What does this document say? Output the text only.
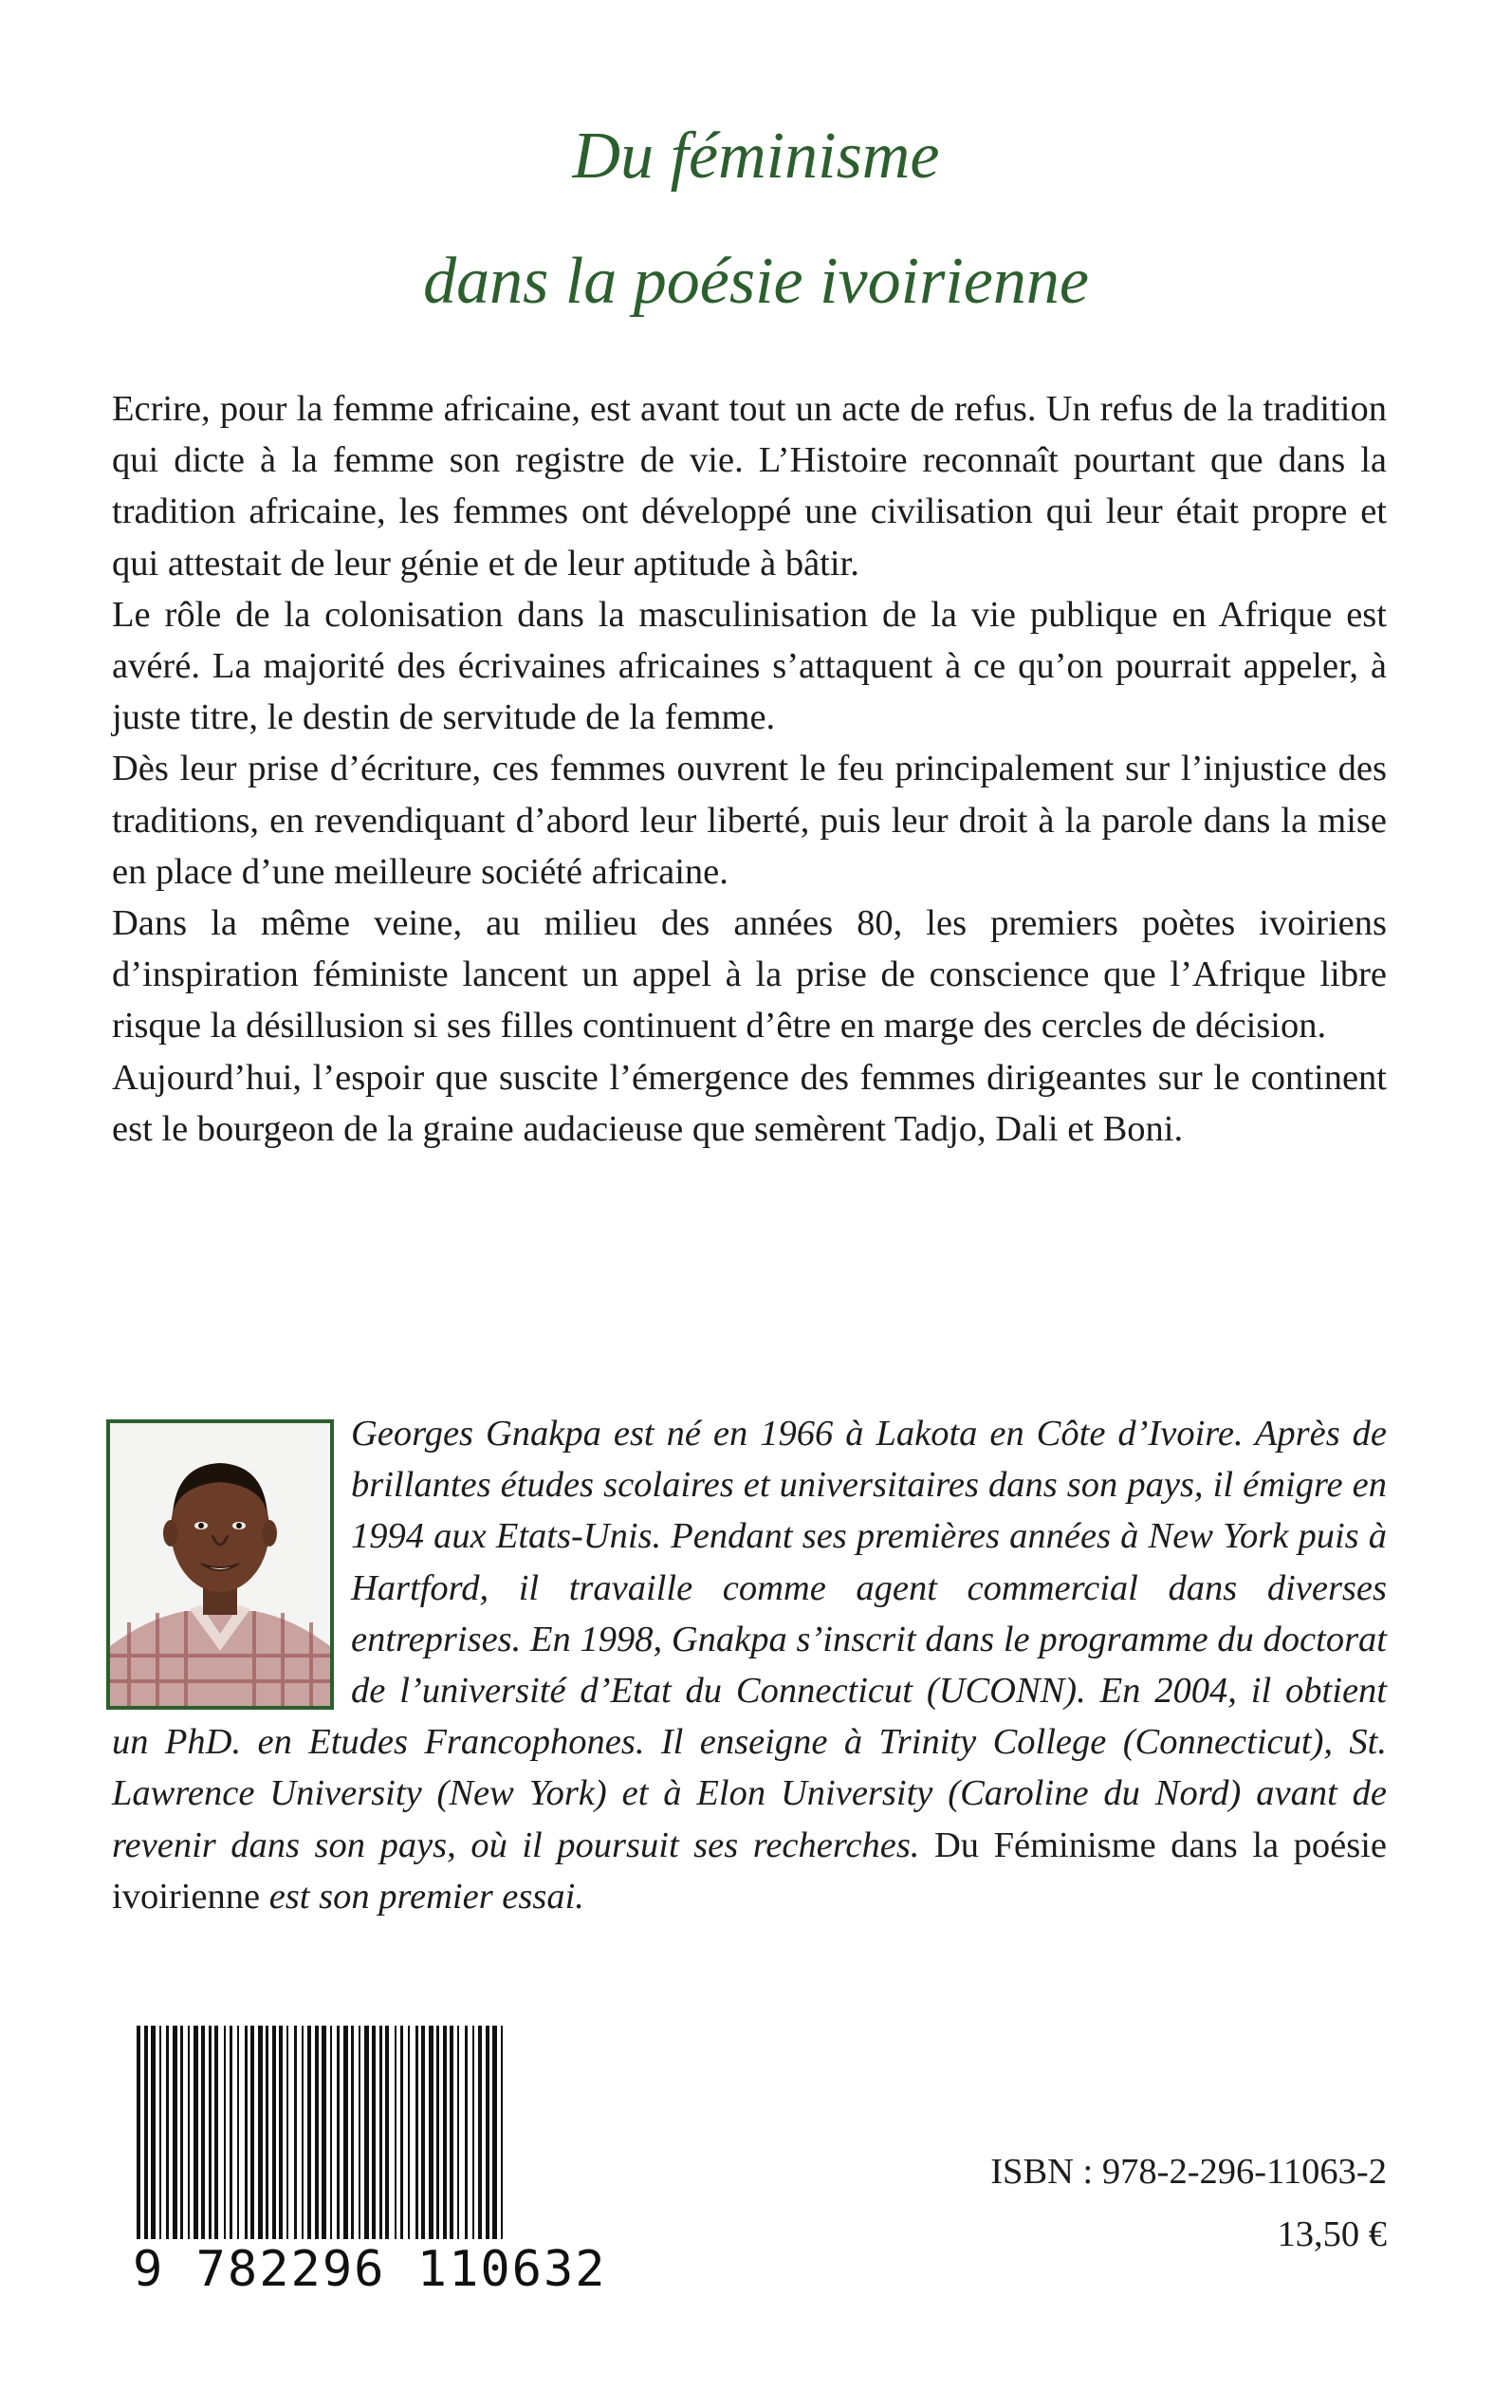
Du féminisme
dans la poésie ivoirienne

Ecrire, pour la femme africaine, est avant tout un acte de refus. Un refus de la tradition qui dicte à la femme son registre de vie. L’Histoire reconnaît pourtant que dans la tradition africaine, les femmes ont développé une civilisation qui leur était propre et qui attestait de leur génie et de leur aptitude à bâtir.

Le rôle de la colonisation dans la masculinisation de la vie publique en Afrique est avéré. La majorité des écrivaines africaines s’attaquent à ce qu’on pourrait appeler, à juste titre, le destin de servitude de la femme.

Dès leur prise d’écriture, ces femmes ouvrent le feu principalement sur l’injustice des traditions, en revendiquant d’abord leur liberté, puis leur droit à la parole dans la mise en place d’une meilleure société africaine.

Dans la même veine, au milieu des années 80, les premiers poètes ivoiriens d’inspiration féministe lancent un appel à la prise de conscience que l’Afrique libre risque la désillusion si ses filles continuent d’être en marge des cercles de décision.

Aujourd’hui, l’espoir que suscite l’émergence des femmes dirigeantes sur le continent est le bourgeon de la graine audacieuse que semèrent Tadjo, Dali et Boni.

Georges Gnakpa est né en 1966 à Lakota en Côte d’Ivoire. Après de brillantes études scolaires et universitaires dans son pays, il émigre en 1994 aux Etats-Unis. Pendant ses premières années à New York puis à Hartford, il travaille comme agent commercial dans diverses entreprises. En 1998, Gnakpa s’inscrit dans le programme du doctorat de l’université d’Etat du Connecticut (UCONN). En 2004, il obtient un PhD. en Etudes Francophones. Il enseigne à Trinity College (Connecticut), St. Lawrence University (New York) et à Elon University (Caroline du Nord) avant de revenir dans son pays, où il poursuit ses recherches. Du Féminisme dans la poésie ivoirienne est son premier essai.
9 782296 110632
ISBN : 978-2-296-11063-2
13,50 €
